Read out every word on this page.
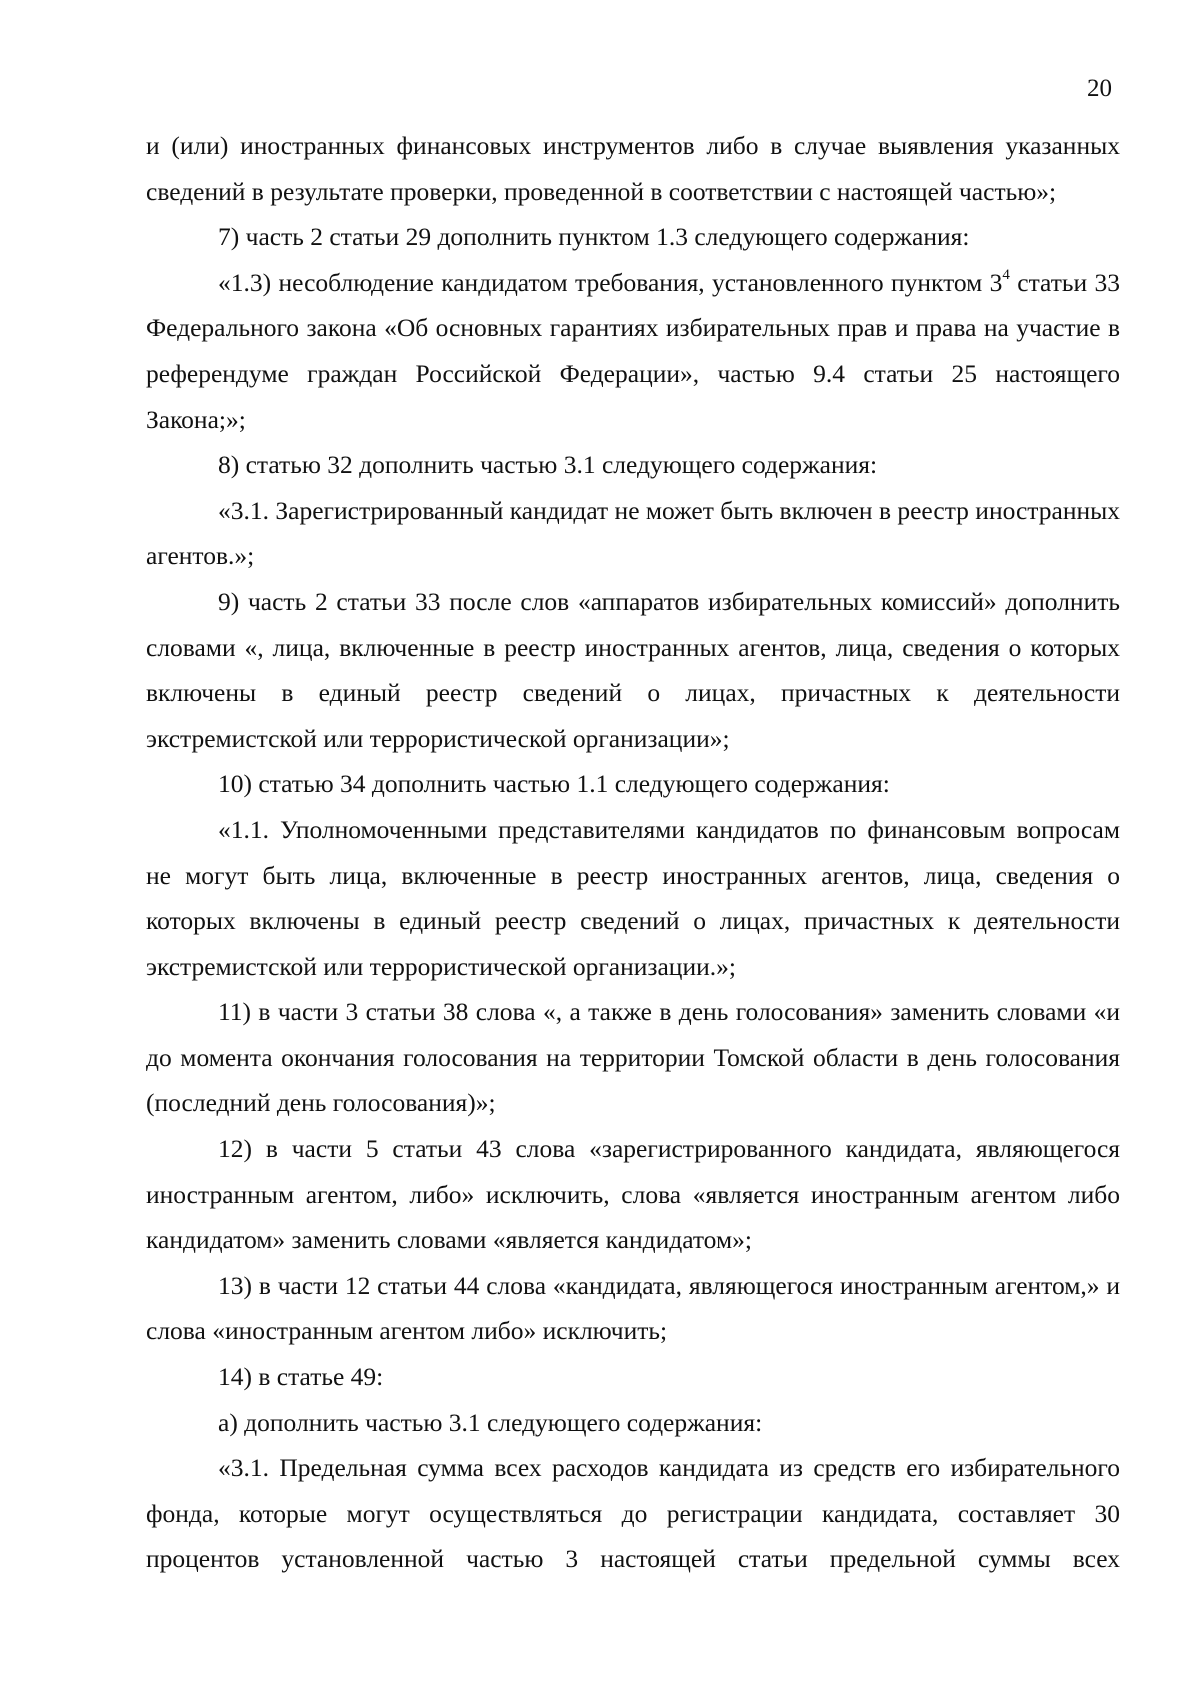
20

и (или) иностранных финансовых инструментов либо в случае выявления указанных сведений в результате проверки, проведенной в соответствии с настоящей частью»;

7) часть 2 статьи 29 дополнить пунктом 1.3 следующего содержания:

«1.3) несоблюдение кандидатом требования, установленного пунктом $3^4$ статьи 33 Федерального закона «Об основных гарантиях избирательных прав и права на участие в референдуме граждан Российской Федерации», частью 9.4 статьи 25 настоящего Закона;»;

8) статью 32 дополнить частью 3.1 следующего содержания:

«3.1. Зарегистрированный кандидат не может быть включен в реестр иностранных агентов.»;

9) часть 2 статьи 33 после слов «аппаратов избирательных комиссий» дополнить словами «, лица, включенные в реестр иностранных агентов, лица, сведения о которых включены в единый реестр сведений о лицах, причастных к деятельности экстремистской или террористической организации»;

10) статью 34 дополнить частью 1.1 следующего содержания:

«1.1. Уполномоченными представителями кандидатов по финансовым вопросам не могут быть лица, включенные в реестр иностранных агентов, лица, сведения о которых включены в единый реестр сведений о лицах, причастных к деятельности экстремистской или террористической организации.»;

11) в части 3 статьи 38 слова «, а также в день голосования» заменить словами «и до момента окончания голосования на территории Томской области в день голосования (последний день голосования)»;

12) в части 5 статьи 43 слова «зарегистрированного кандидата, являющегося иностранным агентом, либо» исключить, слова «является иностранным агентом либо кандидатом» заменить словами «является кандидатом»;

13) в части 12 статьи 44 слова «кандидата, являющегося иностранным агентом,» и слова «иностранным агентом либо» исключить;

14) в статье 49:

а) дополнить частью 3.1 следующего содержания:

«3.1. Предельная сумма всех расходов кандидата из средств его избирательного фонда, которые могут осуществляться до регистрации кандидата, составляет 30 процентов установленной частью 3 настоящей статьи предельной суммы всех
